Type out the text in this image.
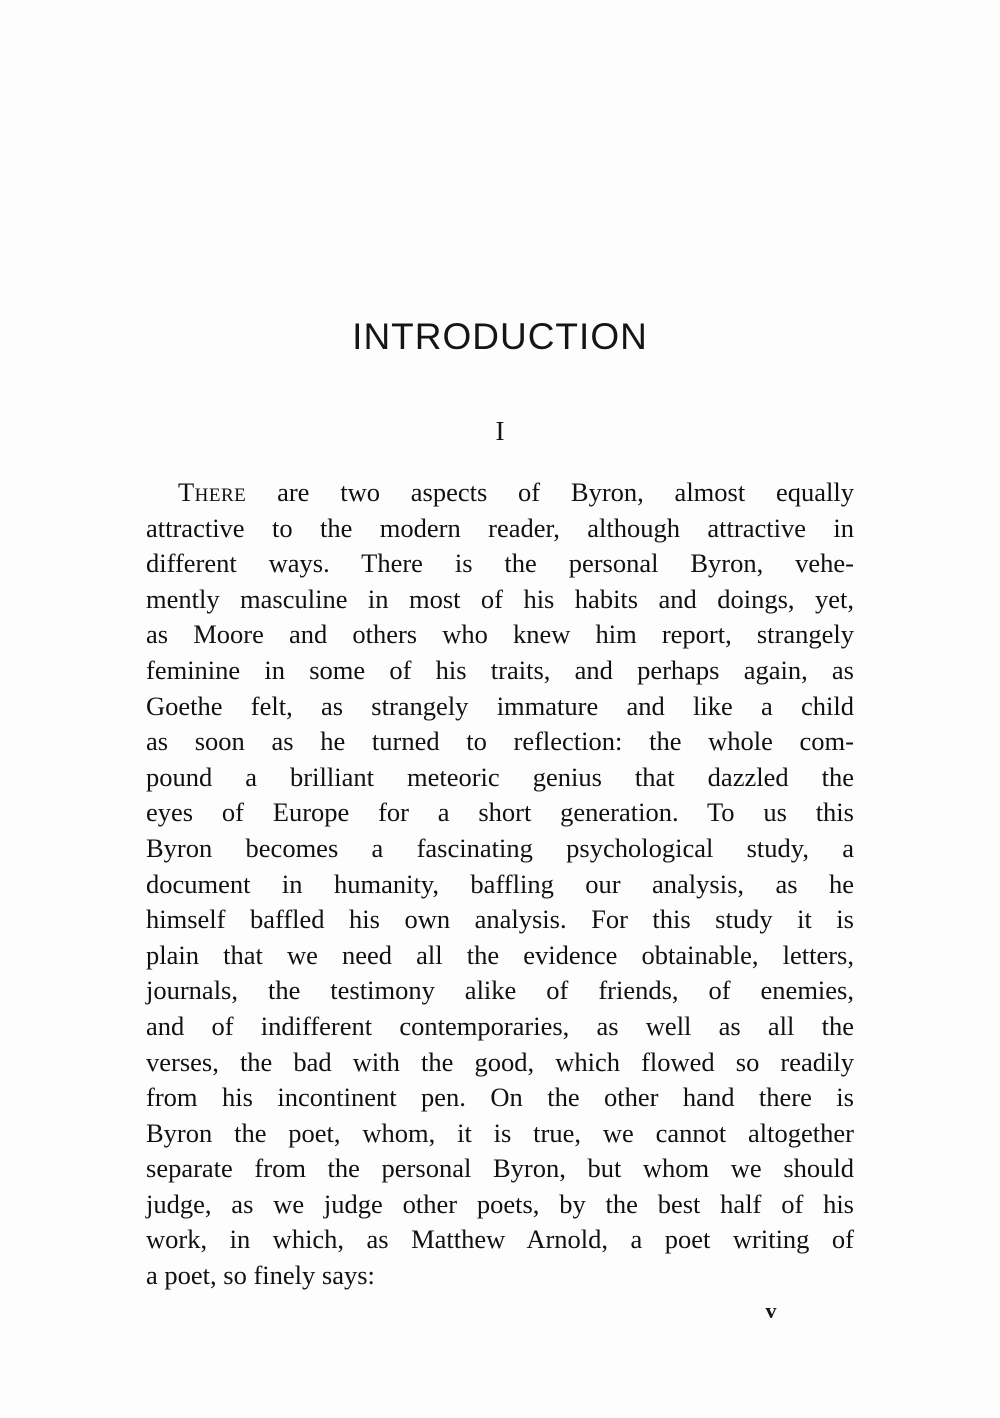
INTRODUCTION
I
There are two aspects of Byron, almost equally
attractive to the modern reader, although attractive in
different ways. There is the personal Byron, vehe-
mently masculine in most of his habits and doings, yet,
as Moore and others who knew him report, strangely
feminine in some of his traits, and perhaps again, as
Goethe felt, as strangely immature and like a child
as soon as he turned to reflection: the whole com-
pound a brilliant meteoric genius that dazzled the
eyes of Europe for a short generation. To us this
Byron becomes a fascinating psychological study, a
document in humanity, baffling our analysis, as he
himself baffled his own analysis. For this study it is
plain that we need all the evidence obtainable, letters,
journals, the testimony alike of friends, of enemies,
and of indifferent contemporaries, as well as all the
verses, the bad with the good, which flowed so readily
from his incontinent pen. On the other hand there is
Byron the poet, whom, it is true, we cannot altogether
separate from the personal Byron, but whom we should
judge, as we judge other poets, by the best half of his
work, in which, as Matthew Arnold, a poet writing of
a poet, so finely says:
v
